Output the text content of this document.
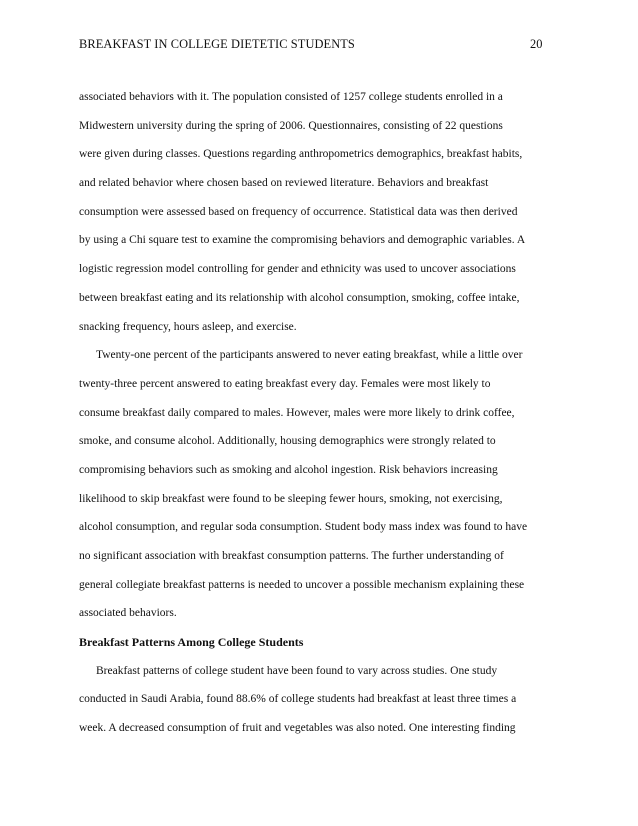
BREAKFAST IN COLLEGE DIETETIC STUDENTS	20
associated behaviors with it. The population consisted of 1257 college students enrolled in a
Midwestern university during the spring of 2006. Questionnaires, consisting of 22 questions
were given during classes. Questions regarding anthropometrics demographics, breakfast habits,
and related behavior where chosen based on reviewed literature. Behaviors and breakfast
consumption were assessed based on frequency of occurrence. Statistical data was then derived
by using a Chi square test to examine the compromising behaviors and demographic variables. A
logistic regression model controlling for gender and ethnicity was used to uncover associations
between breakfast eating and its relationship with alcohol consumption, smoking, coffee intake,
snacking frequency, hours asleep, and exercise.
Twenty-one percent of the participants answered to never eating breakfast, while a little over
twenty-three percent answered to eating breakfast every day. Females were most likely to
consume breakfast daily compared to males. However, males were more likely to drink coffee,
smoke, and consume alcohol. Additionally, housing demographics were strongly related to
compromising behaviors such as smoking and alcohol ingestion. Risk behaviors increasing
likelihood to skip breakfast were found to be sleeping fewer hours, smoking, not exercising,
alcohol consumption, and regular soda consumption. Student body mass index was found to have
no significant association with breakfast consumption patterns. The further understanding of
general collegiate breakfast patterns is needed to uncover a possible mechanism explaining these
associated behaviors.
Breakfast Patterns Among College Students
Breakfast patterns of college student have been found to vary across studies. One study
conducted in Saudi Arabia, found 88.6% of college students had breakfast at least three times a
week. A decreased consumption of fruit and vegetables was also noted. One interesting finding
